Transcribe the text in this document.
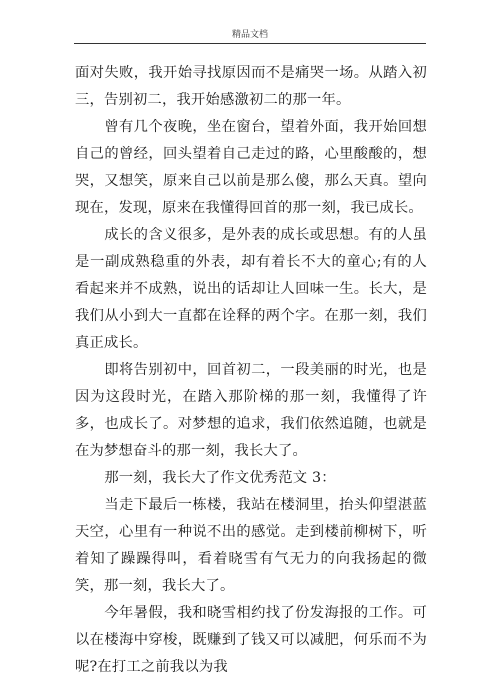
精品文档

面对失败，我开始寻找原因而不是痛哭一场。从踏入初三，告别初二，我开始感激初二的那一年。

曾有几个夜晚，坐在窗台，望着外面，我开始回想自己的曾经，回头望着自己走过的路，心里酸酸的，想哭，又想笑，原来自己以前是那么傻，那么天真。望向现在，发现，原来在我懂得回首的那一刻，我已成长。

成长的含义很多，是外表的成长或思想。有的人虽是一副成熟稳重的外表，却有着长不大的童心;有的人看起来并不成熟，说出的话却让人回味一生。长大，是我们从小到大一直都在诠释的两个字。在那一刻，我们真正成长。

即将告别初中，回首初二，一段美丽的时光，也是因为这段时光，在踏入那阶梯的那一刻，我懂得了许多，也成长了。对梦想的追求，我们依然追随，也就是在为梦想奋斗的那一刻，我长大了。

那一刻，我长大了作文优秀范文 3：

当走下最后一栋楼，我站在楼洞里，抬头仰望湛蓝天空，心里有一种说不出的感觉。走到楼前柳树下，听着知了躁躁得叫，看着晓雪有气无力的向我扬起的微笑，那一刻，我长大了。

今年暑假，我和晓雪相约找了份发海报的工作。可以在楼海中穿梭，既赚到了钱又可以减肥，何乐而不为呢?在打工之前我以为我
